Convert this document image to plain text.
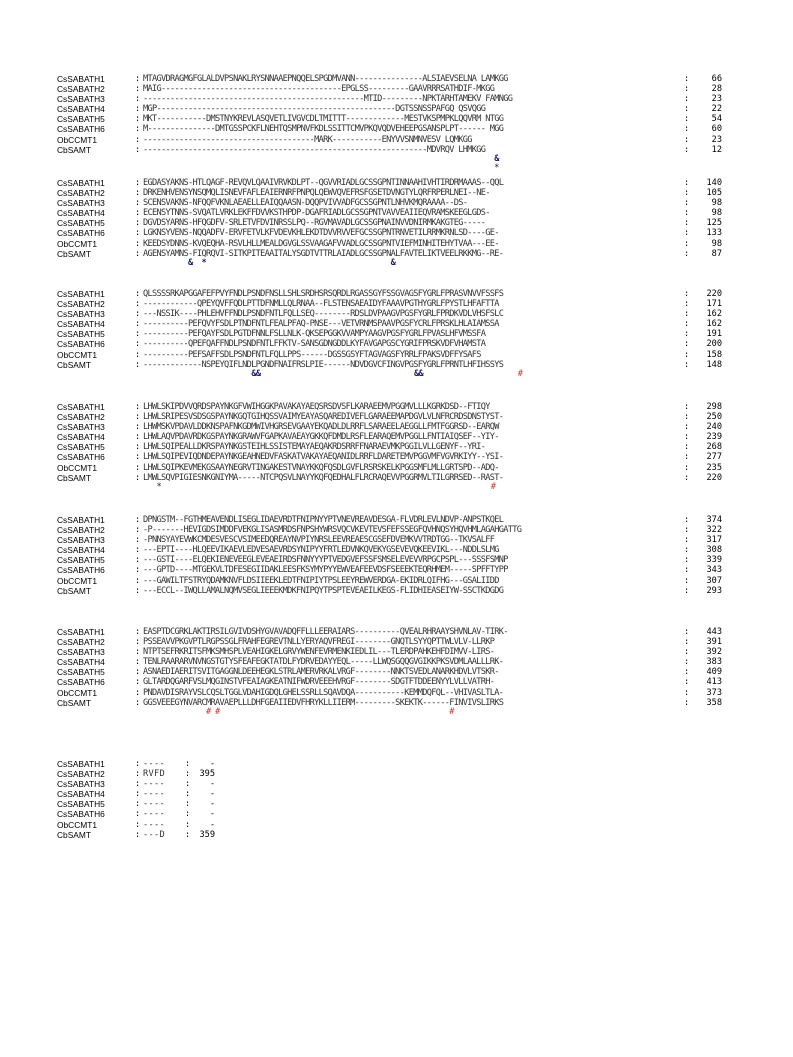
CsSABATH1	: MTAGVDRAGMGFGLALDVPSNAKLRYSNNAAEPNQQELSPGDMVANN---------------ALSIAEVSELNA LAMKGG	:	66
CsSABATH2	: MAIG----------------------------------------EPGLSS---------GAAVRRRSATHDIF-MKGG	:	28
CsSABATH3	: -------------------------------------------------MTID---------NPKTARHTAMEKV FAMNGG	:	23
CsSABATH4	: MGP-----------------------------------------------------DGTSSNSSPAFGQ QSVQGG	:	22
CsSABATH5	: MKT-----------DMSTNYKREVLASQVETLIVGVCDLTMITTT-------------MESTVKSPMPKLQQVRM NTGG	:	54
CsSABATH6	: M---------------DMTGSSPCKFLNEHTQSMPNVFKDLSSITTCMVPKQVQDVEHEEPGSANSPLPT------ MGG	:	60
ObCCMT1	: --------------------------------------MARK-----------ENYVVSNMNVESV LQMKGG	:	23
CbSAMT	: ---------------------------------------------------------------MDVRQV LHMKGG	:	12
&
*
CsSABATH1	: EGDASYAKNS-HTLQAGF-REVQVLQAAIVRVKDLPT--QGVVRIADLGCSSGPNTINNAAHIVHTIRDRMAAAS--QQL	:	140
CsSABATH2	: DRKENHVENSYNSQMQLISNEVFAFLEAIERNRFPNPQLQEWVQVEFRSFGSETDVNGTYLQRFRPERLNEI--NE-	:	105
CsSABATH3	: SCENSVAKNS-NFQQFVKNLAEAELLEAIQQAASN-DQQPVIVVADFGCSSGPNTLNHVKMQRAAAA--DS-	:	98
CsSABATH4	: ECENSYTNNS-SVQATLVRKLEKFFDVVKSTHPDP-DGAFRIADLGCSSGPNTVAVVEAIIEQVRAMSKEEGLGDS-	:	98
CsSABATH5	: DGVDSYARNS-HFQGDFV-SRLETVFDVINRSSLPQ--RGVMAVADLGCSSGPNAINVVDNIRMKAKGTEG-----	:	125
CsSABATH6	: LGKNSYVENS-NQQADFV-ERVFETVLKFVDEVKHLEKDTDVVRVVEFGCSSGPNTRNVETILRRMKRNLSD----GE-	:	133
ObCCMT1	: KEEDSYDNNS-KVQEQHA-RSVLHLLMEALDGVGLSSVAAGAFVVADLGCSSGPNTVIEFMINHITEHYTVAA---EE-	:	98
CbSAMT	: AGENSYAMNS-FIQRQVI-SITKPITEAAITALYSGDTVTTRLAIADLGCSSGPNALFAVTELIKTVEELRKKMG--RE-	:	87
&  *                                         &
CsSABATH1	: QLSSSSRKAPGGAFEFPVYFNDLPSNDFNSLLSHLSRDHSRSQRDLRGASSGYFSSGVAGSFYGRLFPRASVNVVFSSFS	:	220
CsSABATH2	: ------------QPEYQVFFQDLPTTDFNMLLQLRNAA--FLSTENSAEAIDYFAAAVPGTHYGRLFPYSTLHFAFTTA	:	171
CsSABATH3	: ---NSSIK----PHLEHVFFNDLPSNDFNTLFQLLSEQ--------RDSLDVPAAGVPGSFYGRLFPRDKVDLVHSFSLC	:	162
CsSABATH4	: ----------PEFQVYFSDLPTNDFNTLFEALPFAQ-PNSE---VETVRNMSPAAVPGSFYCRLFPRSKLHLAIAMSSA	:	162
CsSABATH5	: ----------PEFQAYFSDLPGTDFNNLFSLLNLK-QKSEPGGKVVAMPYAAGVPGSFYGRLFPVASLHFVMSSFA	:	191
CsSABATH6	: ----------QPEFQAFFNDLPSNDFNTLFFKTV-SANSGDNGDDLKYFAVGAPGSCYGRIFPRSKVDFVHAMSTA	:	200
ObCCMT1	: ----------PEFSAFFSDLPSNDFNTLFQLLPPS------DGSSGSYFTAGVAGSFYRRLFPAKSVDFFYSAFS	:	158
CbSAMT	: -------------NSPEYQIFLNDLPGNDFNAIFRSLPIE------NDVDGVCFINGVPGSFYGRLFPRNTLHFIHSSYS	:	148
&&	&&	#
CsSABATH1	: LHWLSKIPDVVQRDSPAYNKGFVWIHGGKPAVAKAYAEQSRSDVSFLKARAEEMVPGGMVLLLKGRKDSD--FTIQY	:	298
CsSABATH2	: LHWLSRIPESVSDSGSPAYNKGQTGIHQSSVAIMYEAYASQAREDIVEFLGARAEEMAPDGVLVLNFRCRDSDNSTYST-	:	250
CsSABATH3	: LHWMSKVPDAVLDDKNSPAFNKGDMWIVHGRSEVGAAYEKQADLDLRRFLSARAEELAEGGLLFMTFGGRSD--EARQW	:	240
CsSABATH4	: LHWLAQVPDAVRDKGSPAYNKGRAWVFGAPKAVAEAYGKKQFDMDLRSFLEARAQEMVPGGLLFNTIAIQSEF--YIY-	:	239
CsSABATH5	: LHWLSQIPEALLDKRSPAYNKGSTEIHLSSISTEMAYAEQAKRDSRRFFNARAEVMKPGGILVLLGENYF--YRI-	:	268
CsSABATH6	: LHWLSQIPEVIQDNDEPAYNKGEAHNEDVFASKATVAKAYAEQANIDLRRFLDARETEMVPGGVMFVGVRKIYY--YSI-	:	277
ObCCMT1	: LHWLSQIPKEVMEKGSAAYNEGRVTINGAKESTVNAYKKQFQSDLGVFLRSRSKELKPGGSMFLMLLGRTSPD--ADQ-	:	235
CbSAMT	: LMWLSQVPIGIESNKGNIYMA-----NTCPQSVLNAYYKQFQEDHALFLRCRAQEVVPGGRMVLTILGRRSED--RAST-	:	220
*	#
CsSABATH1	: DPNGSTM--FGTHMEAVENDLISEGLIDAEVRDTFNIPNYYPTVNEVREAVDESGA-FLVDRLEVLNDVP-ANPSTKQEL	:	374
CsSABATH2	: -P-------HEVIGDSIMDDFVEKGLISASMRDSFNPSHYWRSVQCVKEVTEVSFEFSSEGFQVHNQSYHQVHMLAGAHGATTG	:	322
CsSABATH3	: -PNNSYAYEVWKCMDESVESCVSIMEEDQREAYNVPIYNRSLEEVREAESCGSEFDVEMKVVTRDTGG--TKVSALFF	:	317
CsSABATH4	: ---EPTI----HLQEEVIKAEVLEDVESAEVRDSYNIPYYFRTLEDVNKQVEKYGSEVEVQKEEVIKL---NDDLSLMG	:	308
CsSABATH5	: ---GSTI----ELQEKIENEVEEGLEVEAEIRDSFNNYYYPTVEDGVEFSSFSMSELEVEVVRPGCPSPL---SSSFSMNP	:	339
CsSABATH6	: ---GPTD----MTGEKVLTDFESEGIIDAKLEESFKSYMYPYYEWVEAFEEVDSFSEEEKTEQRHMEM-----SPFFTYPP	:	343
ObCCMT1	: ---GAWILTFSTRYQDAMKNVFLDSIIEEKLEDTFNIPIYTPSLEEYREWVERDGA-EKIDRLQIFHG---GSALIIDD	:	307
CbSAMT	: ---ECCL--IWQLLAMALNQMVSEGLIEEEKMDKFNIPQYTPSPTEVEAEILKEGS-FLIDHIEASEIYW-SSCTKDGDG	:	293
CsSABATH1	: EASPTDCGRKLAKTIRSILGVIVDSHYGVAVADQFFLLLEERAIARS----------QVEALRHRAAYSHVNLAV-TIRK-	:	443
CsSABATH2	: PSSEAVVPKGVPTLRGPSSGLFRAHFEGREVTNLLYERYAQVFREGI--------GNQTLSYYQPTTWLVLV-LLRKP	:	391
CsSABATH3	: NTPTSEFRKRITSFMKSMHSPLVEAHIGKELGRVYWENFEVRMENKIEDLIL---TLERDPAHKEHFDIMVV-LIRS-	:	392
CsSABATH4	: TENLRAARARVNVNGSTGTYSFEAFEGKTATDLFYDRVEDAYYEQL-----LLWQSGQQGVGIKKPKSVDMLAALLLRK-	:	383
CsSABATH5	: ASNAEDIAERITSVITGAGGNLDEEHEGKLSTRLAMERVRKALVRGF--------NNKTSVEDLANARKHDVLVTSKR-	:	409
CsSABATH6	: GLTARDQGARFVSLMQGINSTVFEAIAGKEATNIFWDRVEEEHVRGF--------SDGTFTDDEENYYLVLLVATRH-	:	413
ObCCMT1	: PNDAVDISRAYVSLCQSLTGGLVDAHIGDQLGHELSSRLLSQAVDQA-----------KEMMDQFQL--VHIVASLTLA-	:	373
CbSAMT	: GGSVEEEGYNVARCMRAVAEPLLLDHFGEAIIEDVFHRYKLLIIERM---------SKEKTK------FINVIVSLIRKS	:	358
# #                                                   #
CsSABATH1	: ---- :	-
CsSABATH2	: RVFD :	395
CsSABATH3	: ---- :	-
CsSABATH4	: ---- :	-
CsSABATH5	: ---- :	-
CsSABATH6	: ---- :	-
ObCCMT1	: ---- :	-
CbSAMT	: ---D :	359
